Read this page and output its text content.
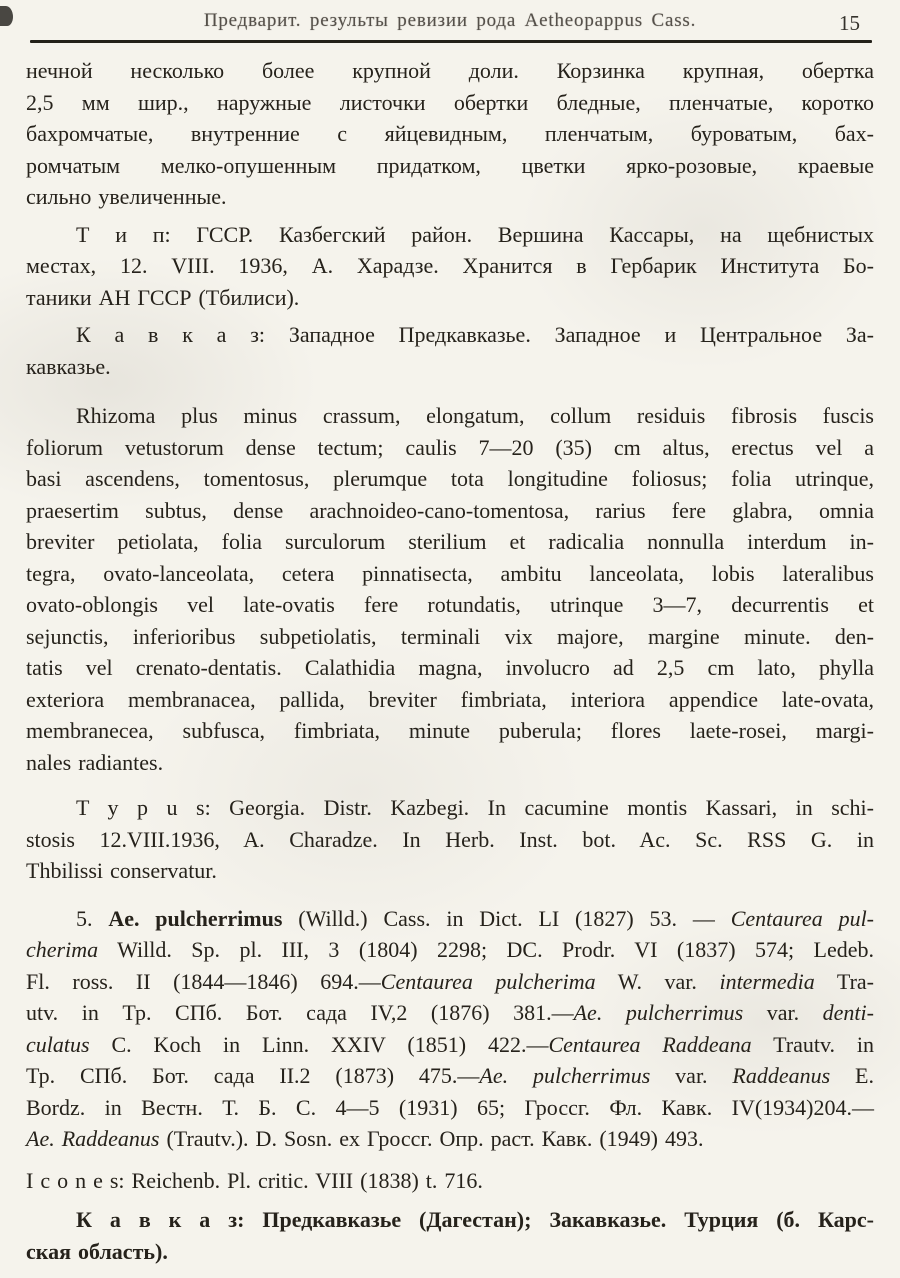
Предварит. результы ревизии рода Aetheopappus Cass.	15
нечной несколько более крупной доли. Корзинка крупная, обертка
2,5 мм шир., наружные листочки обертки бледные, пленчатые, коротко
бахромчатые, внутренние с яйцевидным, пленчатым, буроватым, бах-
ромчатым мелко-опушенным придатком, цветки ярко-розовые, краевые
сильно увеличенные.
Т и п: ГССР. Казбегский район. Вершина Кассары, на щебнистых
местах, 12. VIII. 1936, А. Харадзе. Хранится в Гербарик Института Бо-
таники АН ГССР (Тбилиси).
К а в к а з: Западное Предкавказье. Западное и Центральное За-
кавказье.
Rhizoma plus minus crassum, elongatum, collum residuis fibrosis fuscis
foliorum vetustorum dense tectum; caulis 7—20 (35) cm altus, erectus vel a
basi ascendens, tomentosus, plerumque tota longitudine foliosus; folia utrinque,
praesertim subtus, dense arachnoideo-cano-tomentosa, rarius fere glabra, omnia
breviter petiolata, folia surculorum sterilium et radicalia nonnulla interdum in-
tegra, ovato-lanceolata, cetera pinnatisecta, ambitu lanceolata, lobis lateralibus
ovato-oblongis vel late-ovatis fere rotundatis, utrinque 3—7, decurrentis et
sejunctis, inferioribus subpetiolatis, terminali vix majore, margine minute. den-
tatis vel crenato-dentatis. Calathidia magna, involucro ad 2,5 cm lato, phylla
exteriora membranacea, pallida, breviter fimbriata, interiora appendice late-ovata,
membranecea, subfusca, fimbriata, minute puberula; flores laete-rosei, margi-
nales radiantes.
T y p u s: Georgia. Distr. Kazbegi. In cacumine montis Kassari, in schi-
stosis 12.VIII.1936, A. Charadze. In Herb. Inst. bot. Ac. Sc. RSS G. in
Thbilissi conservatur.
5. Ae. pulcherrimus (Willd.) Cass. in Dict. LI (1827) 53. — Centaurea pul-
cherima Willd. Sp. pl. III, 3 (1804) 2298; DC. Prodr. VI (1837) 574; Ledeb.
Fl. ross. II (1844—1846) 694.—Centaurea pulcherima W. var. intermedia Tra-
utv. in Тр. СПб. Бот. сада IV,2 (1876) 381.—Ae. pulcherrimus var. denti-
culatus C. Koch in Linn. XXIV (1851) 422.—Centaurea Raddeana Trautv. in
Тр. СПб. Бот. сада II.2 (1873) 475.—Ae. pulcherrimus var. Raddeanus E.
Bordz. in Вестн. Т. Б. С. 4—5 (1931) 65; Гроссг. Фл. Кавк. IV(1934)204.—
Ae. Raddeanus (Trautv.). D. Sosn. ex Гроссг. Опр. раст. Кавк. (1949) 493.
I c o n e s: Reichenb. Pl. critic. VIII (1838) t. 716.
К а в к а з: Предкавказье (Дагестан); Закавказье. Турция (б. Карс-
ская область).
